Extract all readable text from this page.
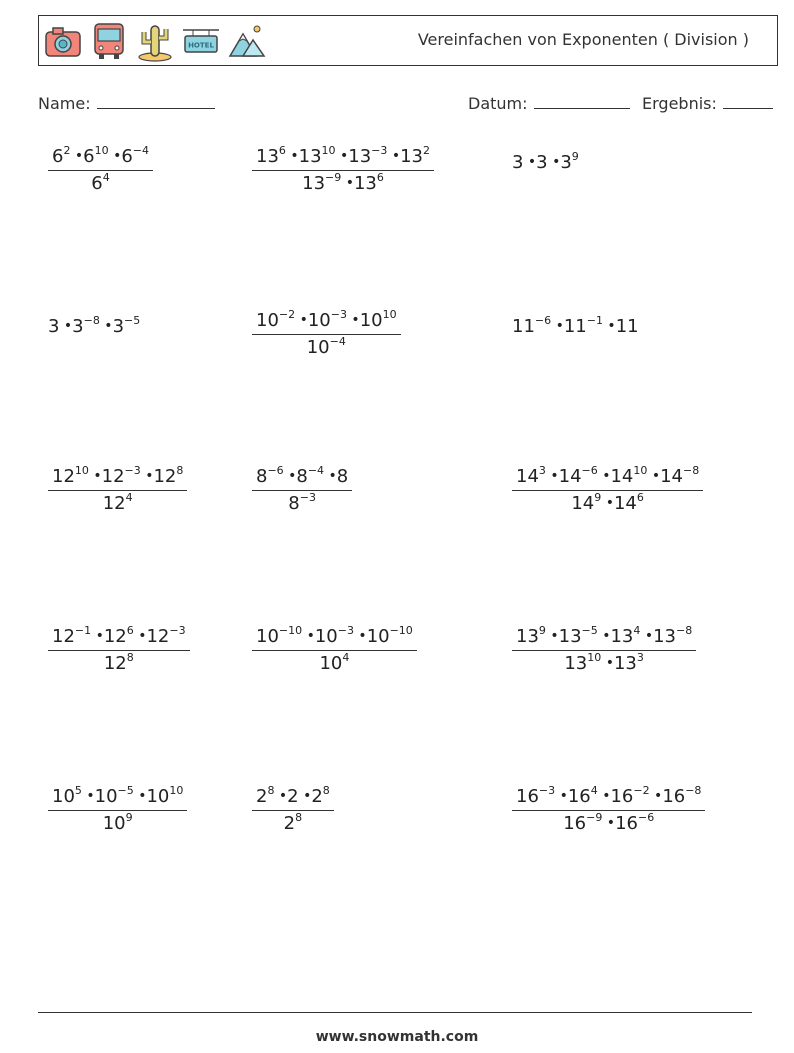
HOTEL	Vereinfachen von Exponenten ( Division )
Name:	Datum:	Ergebnis:
$\frac{6^2 • 6^{10} • 6^{-4}}{6^4}$	$\frac{13^6 • 13^{10} • 13^{-3} • 13^2}{13^{-9} • 13^6}$	3 • 3 • $3^9$
3 • $3^{-8}$ • $3^{-5}$	$\frac{10^{-2} • 10^{-3} • 10^{10}}{10^{-4}}$	$11^{-6}$ • $11^{-1}$ • 11
$\frac{12^{10} • 12^{-3} • 12^8}{12^4}$	$\frac{8^{-6} • 8^{-4} • 8}{8^{-3}}$	$\frac{14^3 • 14^{-6} • 14^{10} • 14^{-8}}{14^9 • 14^6}$
$\frac{12^{-1} • 12^6 • 12^{-3}}{12^8}$	$\frac{10^{-10} • 10^{-3} • 10^{-10}}{10^4}$	$\frac{13^9 • 13^{-5} • 13^4 • 13^{-8}}{13^{10} • 13^3}$
$\frac{10^5 • 10^{-5} • 10^{10}}{10^9}$	$\frac{2^8 • 2 • 2^8}{2^8}$	$\frac{16^{-3} • 16^4 • 16^{-2} • 16^{-8}}{16^{-9} • 16^{-6}}$
www.snowmath.com
